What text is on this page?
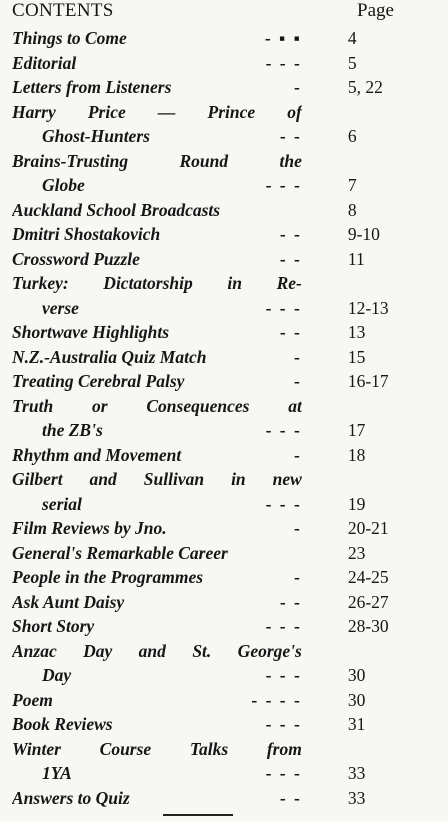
CONTENTS	Page
Things to Come	- ▪ ▪	4
Editorial	- - -	5
Letters from Listeners	-	5, 22
Harry Price — Prince of
Ghost-Hunters	- -	6
Brains-Trusting Round the
Globe	- - -	7
Auckland School Broadcasts	8
Dmitri Shostakovich	- -	9-10
Crossword Puzzle	- -	11
Turkey: Dictatorship in Re-
verse	- - -	12-13
Shortwave Highlights	- -	13
N.Z.-Australia Quiz Match	-	15
Treating Cerebral Palsy	-	16-17
Truth or Consequences at
the ZB's	- - -	17
Rhythm and Movement	-	18
Gilbert and Sullivan in new
serial	- - -	19
Film Reviews by Jno.	-	20-21
General's Remarkable Career	23
People in the Programmes	-	24-25
Ask Aunt Daisy	- -	26-27
Short Story	- - -	28-30
Anzac Day and St. George's
Day	- - -	30
Poem	- - - -	30
Book Reviews	- - -	31
Winter Course Talks from
1YA	- - -	33
Answers to Quiz	- -	33
